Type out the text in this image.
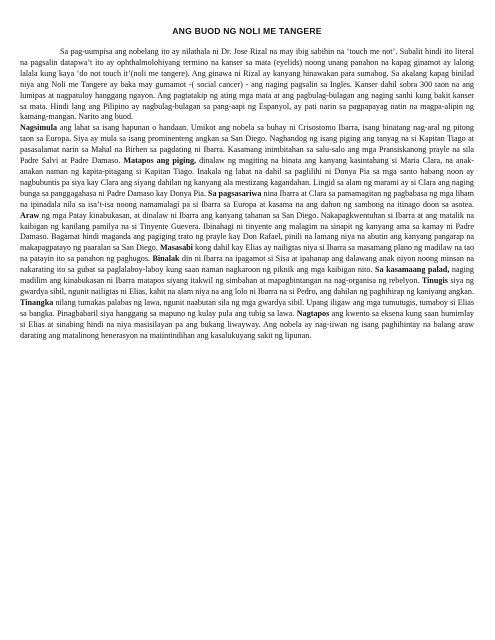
ANG BUOD NG NOLI ME TANGERE

Sa pag-uumpisa ang nobelang ito ay nilathala ni Dr. Jose Rizal na may ibig sabihin na ‘touch me not’. Subalit hindi ito literal na pagsalin datapwa’t ito ay ophthalmolohiyang termino na kanser sa mata (eyelids) noong unang panahon na kapag ginamot ay lalong lalala kung kaya ‘do not touch it’(noli me tangere). Ang ginawa ni Rizal ay kanyang hinawakan para sumabog. Sa akalang kapag binilad niya ang Noli me Tangere ay baka may gumamot -( social cancer) - ang naging pagsalin sa Ingles. Kanser dahil sobra 300 taon na ang lumipas at nagpatuloy hanggang ngayon. Ang pagtatakip ng ating mga mata at ang pagbulag-bulagan ang naging sanhi kung bakit kanser sa mata. Hindi lang ang Pilipino ay nagbulag-bulagan sa pang-aapi ng Espanyol, ay pati narin sa pagpapayag natin na magpa-alipin ng kamang-mangan. Narito ang buod.

Nagsimula ang lahat sa isang hapunan o handaan. Umikot ang nobela sa buhay ni Crisostomo Ibarra, isang binatang nag-aral ng pitong taon sa Europa. Siya ay mula sa isang prominenteng angkan sa San Diego. Naghandog ng isang piging ang tanyag na si Kapitan Tiago at pasasalamat narin sa Mahal na Birhen sa pagdating ni Ibarra. Kasamang inimbitahan sa salu-salo ang mga Pransiskanong prayle na sila Padre Salvi at Padre Damaso. Matapos ang piging, dinalaw ng magiting na binata ang kanyang kasintahang si Maria Clara, na anak-anakan naman ng kapita-pitagang si Kapitan Tiago. Inakala ng lahat na dahil sa paglilihi ni Donya Pia sa mga santo habang noon ay nagbubuntis pa siya kay Clara ang siyang dahilan ng kanyang ala mestizang kagandahan. Lingid sa alam ng marami ay si Clara ang naging bunga sa panggagahasa ni Padre Damaso kay Donya Pia. Sa pagsasariwa nina Ibarra at Clara sa pamamagitan ng pagbabasa ng mga liham na ipinadala nila sa isa’t-isa noong namamalagi pa si Ibarra sa Europa at kasama na ang dahon ng sambong na itinago doon sa asotea. Araw ng mga Patay kinabukasan, at dinalaw ni Ibarra ang kanyang tahanan sa San Diego. Nakapagkwentuhan si Ibarra at ang matalik na kaibigan ng kanilang pamilya na si Tinyente Guevera. Ibinahagi ni tinyente ang malagim na sinapit ng kanyang ama sa kamay ni Padre Damaso. Bagamat hindi maganda ang pagiging trato ng prayle kay Don Rafael, pinili na lamang niya na abutin ang kanyang pangarap na makapagpatayo ng paaralan sa San Diego. Masasabi kong dahil kay Elias ay nailigtas niya si Ibarra sa masamang plano ng madilaw na tao na patayin ito sa panahon ng paghugos. Binalak din ni Ibarra na ipagamot si Sisa at ipahanap ang dalawang anak niyon noong minsan na nakarating ito sa gubat sa paglalaboy-laboy kung saan naman nagkaroon ng piknik ang mga kaibigan nito. Sa kasamaang palad, naging madilim ang kinabukasan ni Ibarra matapos siyang itakwil ng simbahan at mapagbintangan na nag-organisa ng rebelyon. Tinugis siya ng gwardya sibil, ngunit nailigtas ni Elias, kahit na alam niya na ang lolo ni Ibarra na si Pedro, ang dahilan ng paghihirap ng kaniyang angkan. Tinangka nilang tumakas palabas ng lawa, ngunit naabutan sila ng mga gwardya sibil. Upang iligaw ang mga tumutugis, tumaboy si Elias sa bangka. Pinagbabaril siya hanggang sa mapuno ng kulay pula ang tubig sa lawa. Nagtapos ang kwento sa eksena kung saan humimlay si Elias at sinabing hindi na niya masisilayan pa ang bukang liwayway. Ang nobela ay nag-iiwan ng isang paghihintay na balang araw darating ang matalinong henerasyon na maiintindihan ang kasalukuyang sakit ng lipunan.
